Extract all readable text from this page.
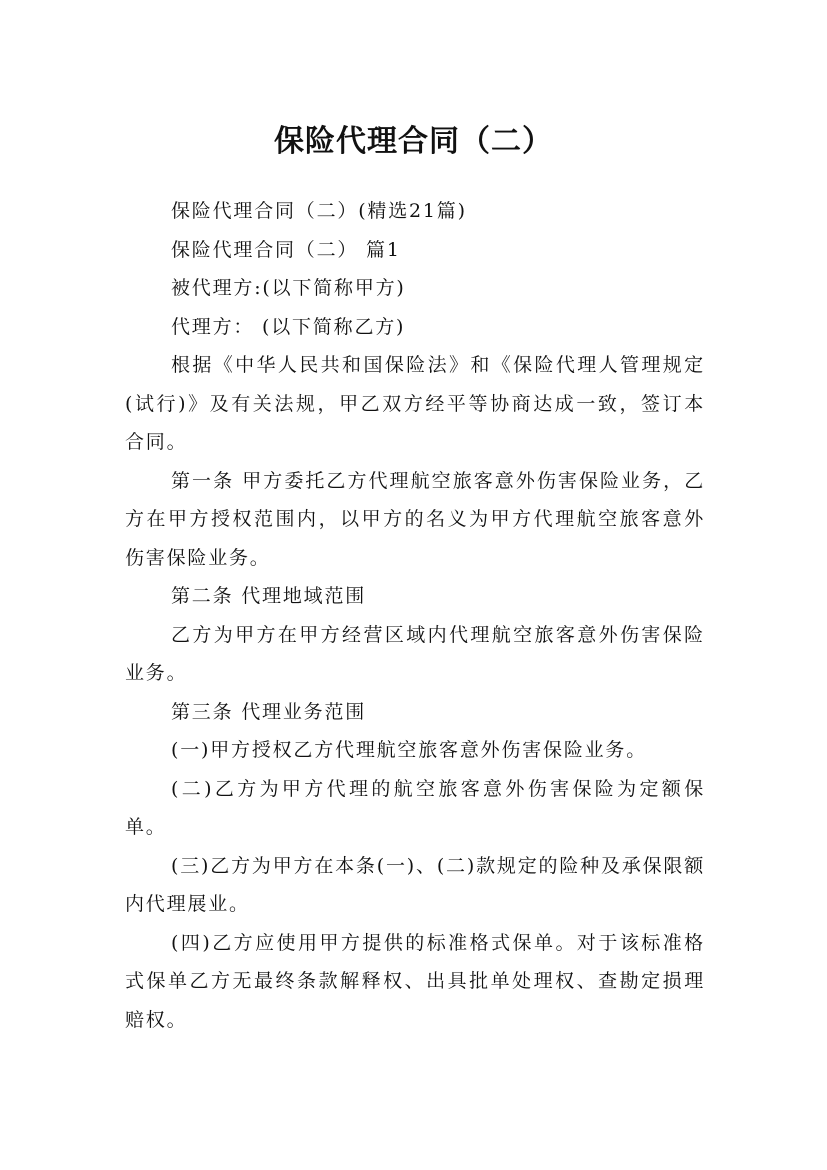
保险代理合同（二）

保险代理合同（二）(精选21篇)

保险代理合同（二） 篇1

被代理方:(以下简称甲方)

代理方： (以下简称乙方)

根据《中华人民共和国保险法》和《保险代理人管理规定(试行)》及有关法规，甲乙双方经平等协商达成一致，签订本合同。

第一条 甲方委托乙方代理航空旅客意外伤害保险业务，乙方在甲方授权范围内，以甲方的名义为甲方代理航空旅客意外伤害保险业务。

第二条 代理地域范围

乙方为甲方在甲方经营区域内代理航空旅客意外伤害保险业务。

第三条 代理业务范围

(一)甲方授权乙方代理航空旅客意外伤害保险业务。

(二)乙方为甲方代理的航空旅客意外伤害保险为定额保单。

(三)乙方为甲方在本条(一)、(二)款规定的险种及承保限额内代理展业。

(四)乙方应使用甲方提供的标准格式保单。对于该标准格式保单乙方无最终条款解释权、出具批单处理权、查勘定损理赔权。
